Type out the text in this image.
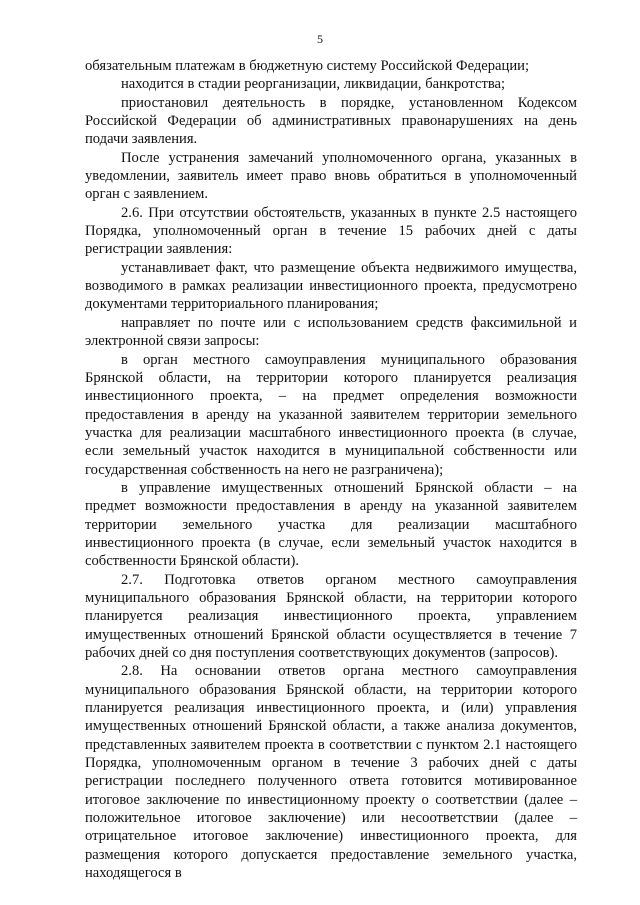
5

обязательным платежам в бюджетную систему Российской Федерации;

находится в стадии реорганизации, ликвидации, банкротства;

приостановил деятельность в порядке, установленном Кодексом Российской Федерации об административных правонарушениях на день подачи заявления.

После устранения замечаний уполномоченного органа, указанных в уведомлении, заявитель имеет право вновь обратиться в уполномоченный орган с заявлением.

2.6. При отсутствии обстоятельств, указанных в пункте 2.5 настоящего Порядка, уполномоченный орган в течение 15 рабочих дней с даты регистрации заявления:

устанавливает факт, что размещение объекта недвижимого имущества, возводимого в рамках реализации инвестиционного проекта, предусмотрено документами территориального планирования;

направляет по почте или с использованием средств факсимильной и электронной связи запросы:

в орган местного самоуправления муниципального образования Брянской области, на территории которого планируется реализация инвестиционного проекта, – на предмет определения возможности предоставления в аренду на указанной заявителем территории земельного участка для реализации масштабного инвестиционного проекта (в случае, если земельный участок находится в муниципальной собственности или государственная собственность на него не разграничена);

в управление имущественных отношений Брянской области – на предмет возможности предоставления в аренду на указанной заявителем территории земельного участка для реализации масштабного инвестиционного проекта (в случае, если земельный участок находится в собственности Брянской области).

2.7. Подготовка ответов органом местного самоуправления муниципального образования Брянской области, на территории которого планируется реализация инвестиционного проекта, управлением имущественных отношений Брянской области осуществляется в течение 7 рабочих дней со дня поступления соответствующих документов (запросов).

2.8. На основании ответов органа местного самоуправления муниципального образования Брянской области, на территории которого планируется реализация инвестиционного проекта, и (или) управления имущественных отношений Брянской области, а также анализа документов, представленных заявителем проекта в соответствии с пунктом 2.1 настоящего Порядка, уполномоченным органом в течение 3 рабочих дней с даты регистрации последнего полученного ответа готовится мотивированное итоговое заключение по инвестиционному проекту о соответствии (далее – положительное итоговое заключение) или несоответствии (далее – отрицательное итоговое заключение) инвестиционного проекта, для размещения которого допускается предоставление земельного участка, находящегося в
